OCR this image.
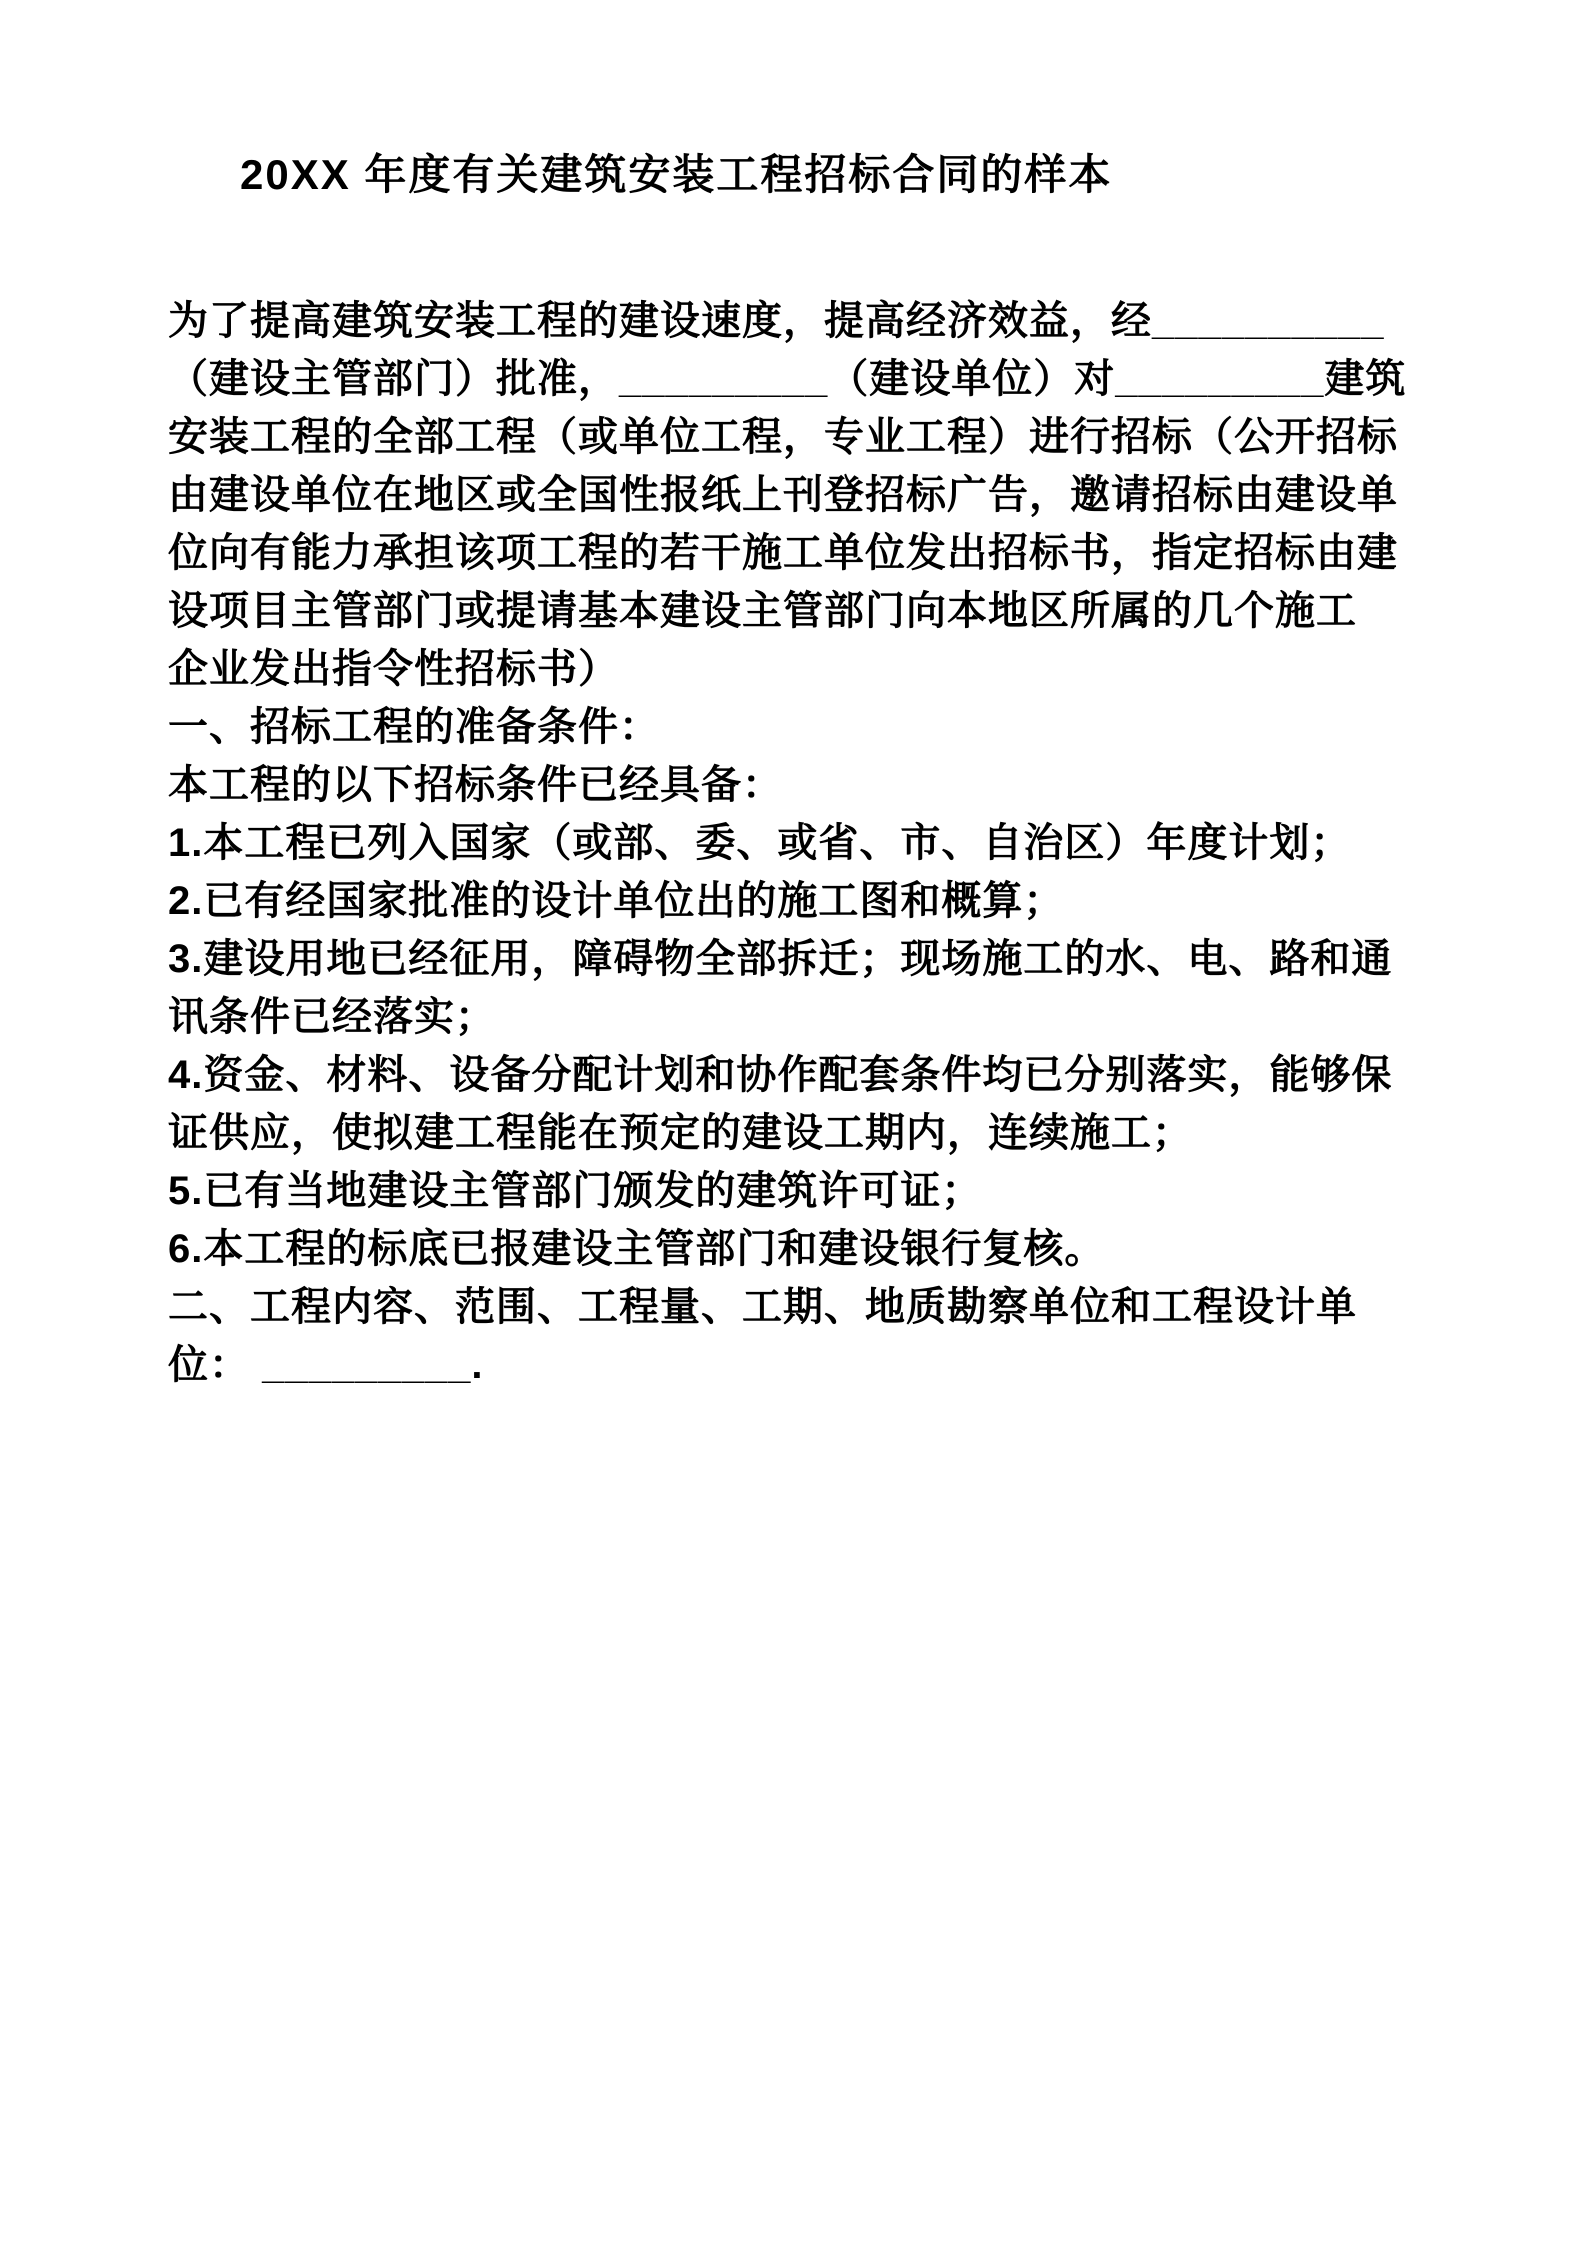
20XX 年度有关建筑安装工程招标合同的样本
为了提高建筑安装工程的建设速度，提高经济效益，经__________
（建设主管部门）批准，_________（建设单位）对_________建筑
安装工程的全部工程（或单位工程，专业工程）进行招标（公开招标
由建设单位在地区或全国性报纸上刊登招标广告，邀请招标由建设单
位向有能力承担该项工程的若干施工单位发出招标书，指定招标由建
设项目主管部门或提请基本建设主管部门向本地区所属的几个施工
企业发出指令性招标书）
一、招标工程的准备条件：
本工程的以下招标条件已经具备：
1.本工程已列入国家（或部、委、或省、市、自治区）年度计划；
2.已有经国家批准的设计单位出的施工图和概算；
3.建设用地已经征用，障碍物全部拆迁；现场施工的水、电、路和通
讯条件已经落实；
4.资金、材料、设备分配计划和协作配套条件均已分别落实，能够保
证供应，使拟建工程能在预定的建设工期内，连续施工；
5.已有当地建设主管部门颁发的建筑许可证；
6.本工程的标底已报建设主管部门和建设银行复核。
二、工程内容、范围、工程量、工期、地质勘察单位和工程设计单
位： _________.
